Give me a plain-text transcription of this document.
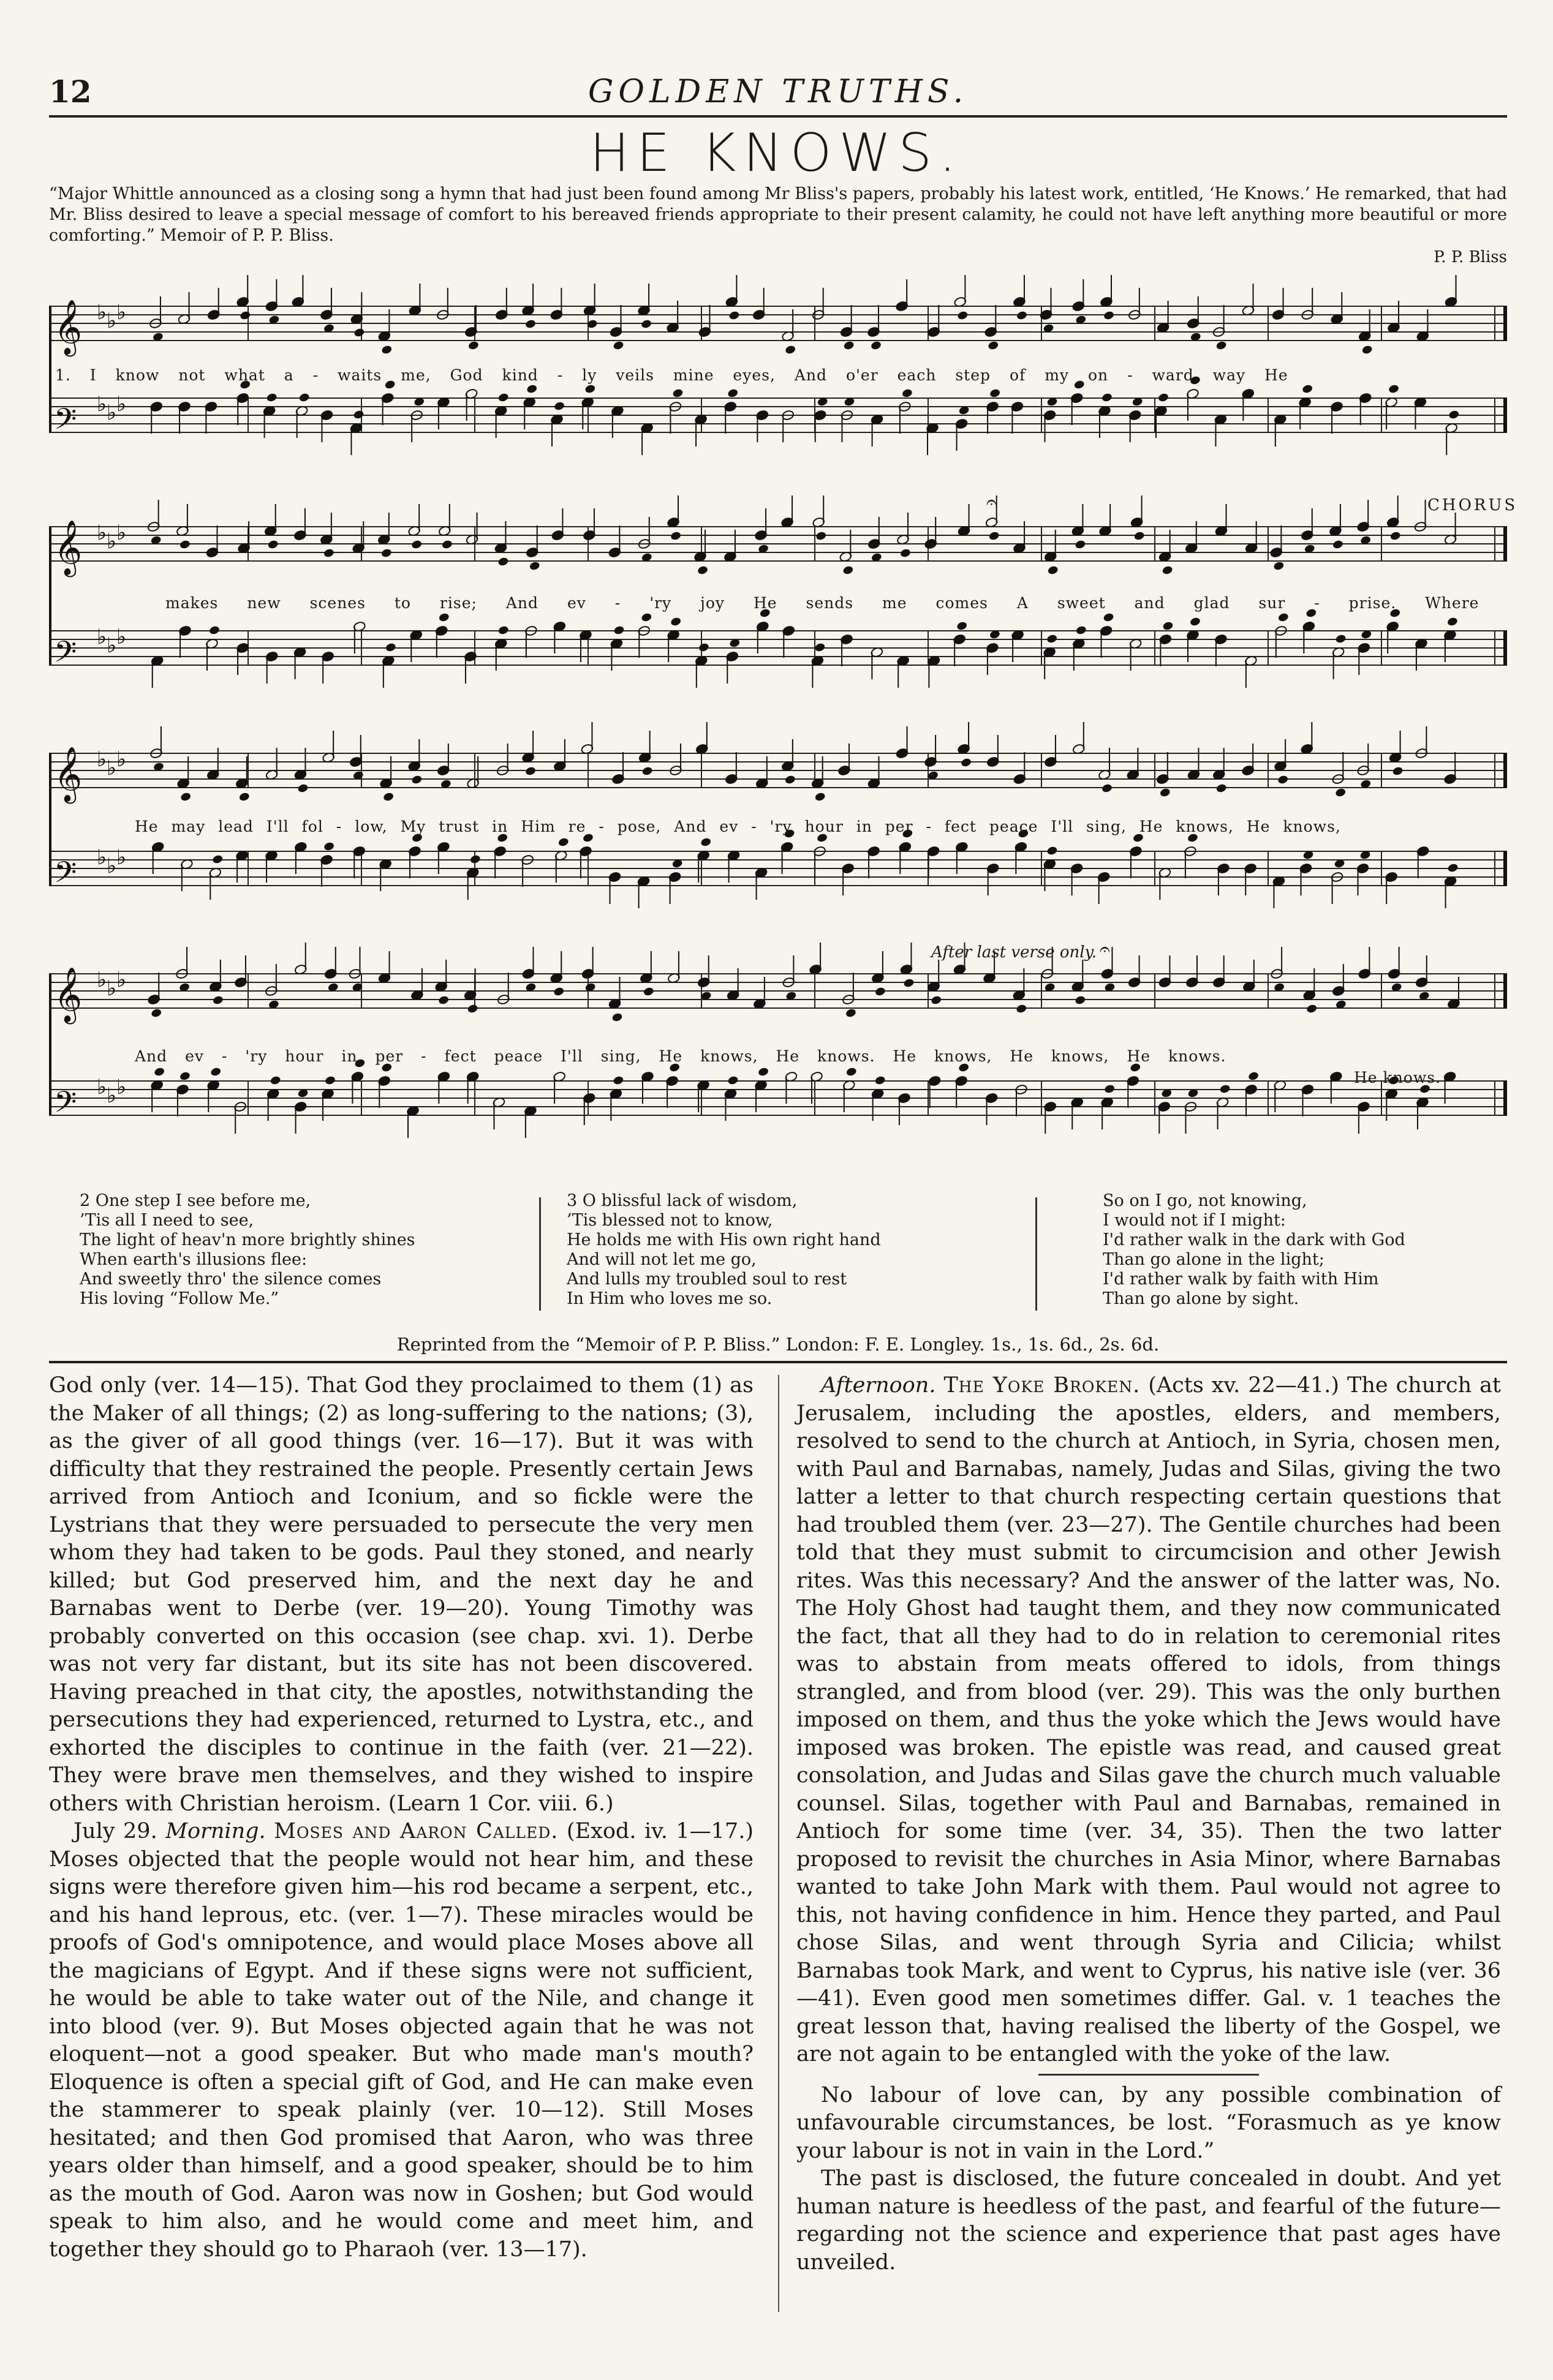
12	GOLDEN TRUTHS.
HE KNOWS.
“Major Whittle announced as a closing song a hymn that had just been found among Mr Bliss's papers, probably his latest work, entitled, ‘He Knows.’ He remarked, that had Mr. Bliss desired to leave a special message of comfort to his bereaved friends appropriate to their present calamity, he could not have left anything more beautiful or more comforting.” Memoir of P. P. Bliss.
P. P. Bliss
𝄞 ♭ ♭ ♭
𝄢 ♭ ♭ ♭
𝄞 ♭ ♭ ♭
𝄢 ♭ ♭ ♭
𝄞 ♭ ♭ ♭
𝄢 ♭ ♭ ♭
𝄞 ♭ ♭ ♭
𝄢 ♭ ♭ ♭
𝄐
𝄐
1. I know not what a - waits me, God kind - ly veils mine eyes, And o'er each step of my on - ward way He
CHORUS
makes new scenes to rise; And ev - 'ry joy He sends me comes A sweet and glad sur - prise. Where
He may lead I'll fol - low, My trust in Him re - pose, And ev - 'ry hour in per - fect peace I'll sing, He knows, He knows,
After last verse only.
And ev - 'ry hour in per - fect peace I'll sing, He knows, He knows. He knows, He knows, He knows.
He knows.
2 One step I see before me,
’Tis all I need to see,
The light of heav'n more brightly shines
When earth's illusions flee:
And sweetly thro' the silence comes
His loving “Follow Me.”
3 O blissful lack of wisdom,
’Tis blessed not to know,
He holds me with His own right hand
And will not let me go,
And lulls my troubled soul to rest
In Him who loves me so.
So on I go, not knowing,
I would not if I might:
I'd rather walk in the dark with God
Than go alone in the light;
I'd rather walk by faith with Him
Than go alone by sight.
Reprinted from the “Memoir of P. P. Bliss.” London: F. E. Longley. 1s., 1s. 6d., 2s. 6d.

God only (ver. 14—15). That God they proclaimed to them (1) as the Maker of all things; (2) as long-suffering to the nations; (3), as the giver of all good things (ver. 16—17). But it was with difficulty that they restrained the people. Presently certain Jews arrived from Antioch and Iconium, and so fickle were the Lystrians that they were persuaded to persecute the very men whom they had taken to be gods. Paul they stoned, and nearly killed; but God preserved him, and the next day he and Barnabas went to Derbe (ver. 19—20). Young Timothy was probably converted on this occasion (see chap. xvi. 1). Derbe was not very far distant, but its site has not been discovered. Having preached in that city, the apostles, notwithstanding the persecutions they had experienced, returned to Lystra, etc., and exhorted the disciples to continue in the faith (ver. 21—22). They were brave men themselves, and they wished to inspire others with Christian heroism. (Learn 1 Cor. viii. 6.)

July 29. Morning. Moses and Aaron Called. (Exod. iv. 1—17.) Moses objected that the people would not hear him, and these signs were therefore given him—his rod became a serpent, etc., and his hand leprous, etc. (ver. 1—7). These miracles would be proofs of God's omnipotence, and would place Moses above all the magicians of Egypt. And if these signs were not sufficient, he would be able to take water out of the Nile, and change it into blood (ver. 9). But Moses objected again that he was not eloquent—not a good speaker. But who made man's mouth? Eloquence is often a special gift of God, and He can make even the stammerer to speak plainly (ver. 10—12). Still Moses hesitated; and then God promised that Aaron, who was three years older than himself, and a good speaker, should be to him as the mouth of God. Aaron was now in Goshen; but God would speak to him also, and he would come and meet him, and together they should go to Pharaoh (ver. 13—17).

Afternoon. The Yoke Broken. (Acts xv. 22—41.) The church at Jerusalem, including the apostles, elders, and members, resolved to send to the church at Antioch, in Syria, chosen men, with Paul and Barnabas, namely, Judas and Silas, giving the two latter a letter to that church respecting certain questions that had troubled them (ver. 23—27). The Gentile churches had been told that they must submit to circumcision and other Jewish rites. Was this necessary? And the answer of the latter was, No. The Holy Ghost had taught them, and they now communicated the fact, that all they had to do in relation to ceremonial rites was to abstain from meats offered to idols, from things strangled, and from blood (ver. 29). This was the only burthen imposed on them, and thus the yoke which the Jews would have imposed was broken. The epistle was read, and caused great consolation, and Judas and Silas gave the church much valuable counsel. Silas, together with Paul and Barnabas, remained in Antioch for some time (ver. 34, 35). Then the two latter proposed to revisit the churches in Asia Minor, where Barnabas wanted to take John Mark with them. Paul would not agree to this, not having confidence in him. Hence they parted, and Paul chose Silas, and went through Syria and Cilicia; whilst Barnabas took Mark, and went to Cyprus, his native isle (ver. 36—41). Even good men sometimes differ. Gal. v. 1 teaches the great lesson that, having realised the liberty of the Gospel, we are not again to be entangled with the yoke of the law.

No labour of love can, by any possible combination of unfavourable circumstances, be lost. “Forasmuch as ye know your labour is not in vain in the Lord.”

The past is disclosed, the future concealed in doubt. And yet human nature is heedless of the past, and fearful of the future—regarding not the science and experience that past ages have unveiled.
